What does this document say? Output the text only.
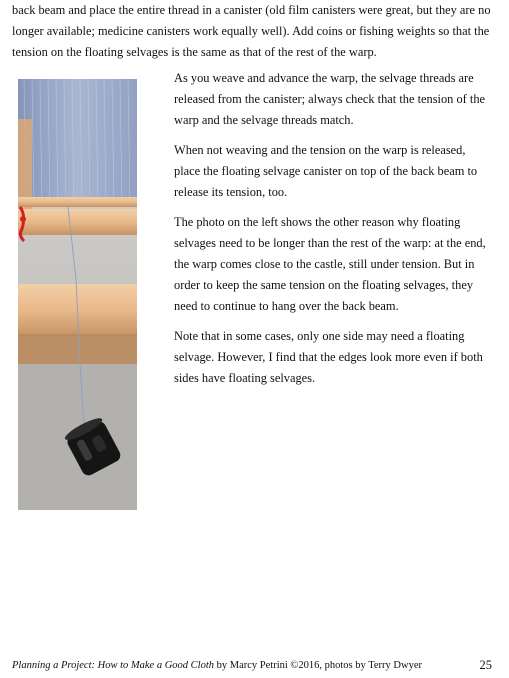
back beam and place the entire thread in a canister (old film canisters were great, but they are no longer available; medicine canisters work equally well). Add coins or fishing weights so that the tension on the floating selvages is the same as that of the rest of the warp.

As you weave and advance the warp, the selvage threads are released from the canister; always check that the tension of the warp and the selvage threads match.

When not weaving and the tension on the warp is released, place the floating selvage canister on top of the back beam to release its tension, too.

The photo on the left shows the other reason why floating selvages need to be longer than the rest of the warp: at the end, the warp comes close to the castle, still under tension. But in order to keep the same tension on the floating selvages, they need to continue to hang over the back beam.

Note that in some cases, only one side may need a floating selvage. However, I find that the edges look more even if both sides have floating selvages.

Planning a Project: How to Make a Good Cloth by Marcy Petrini ©2016, photos by Terry Dwyer	25
